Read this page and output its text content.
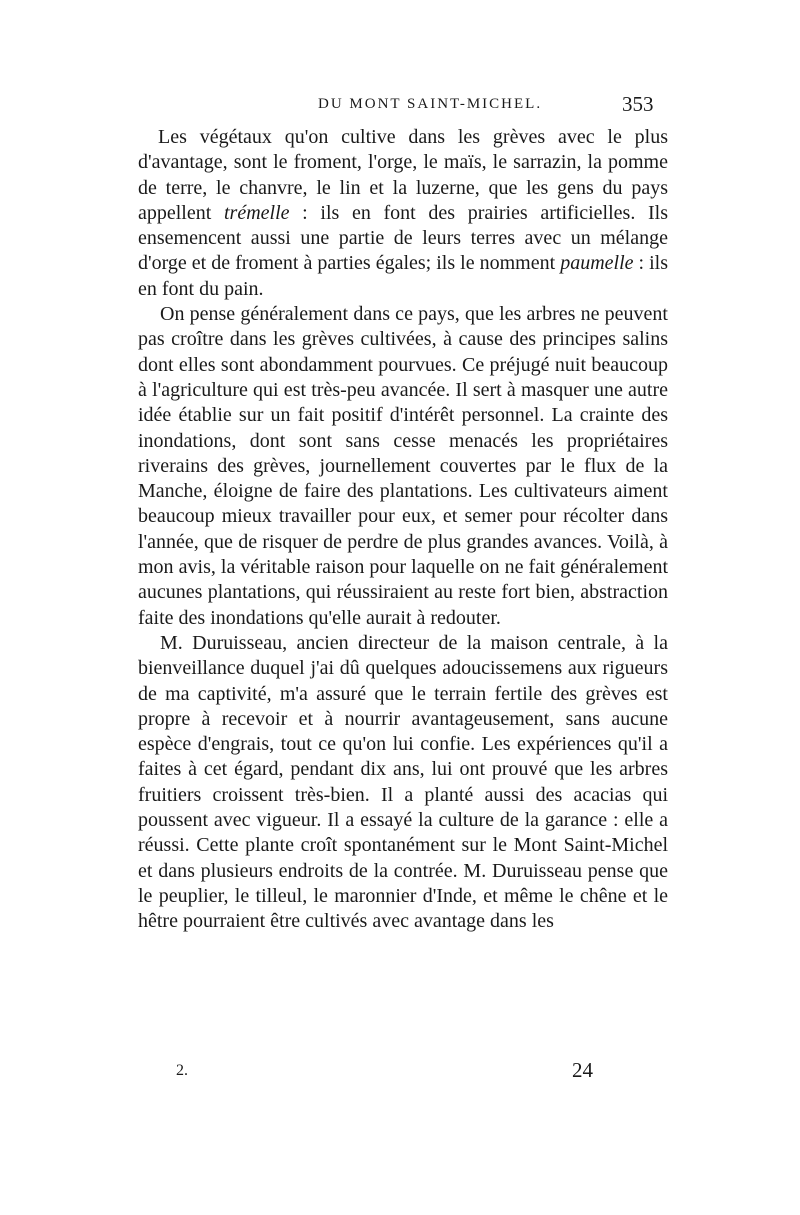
DU MONT SAINT-MICHEL.	353

Les végétaux qu'on cultive dans les grèves avec le plus d'avantage, sont le froment, l'orge, le maïs, le sarrazin, la pomme de terre, le chanvre, le lin et la luzerne, que les gens du pays appellent trémelle : ils en font des prairies artificielles. Ils ensemencent aussi une partie de leurs terres avec un mélange d'orge et de froment à parties égales; ils le nomment paumelle : ils en font du pain.

On pense généralement dans ce pays, que les arbres ne peuvent pas croître dans les grèves cultivées, à cause des principes salins dont elles sont abondamment pourvues. Ce préjugé nuit beaucoup à l'agriculture qui est très-peu avancée. Il sert à masquer une autre idée établie sur un fait positif d'intérêt personnel. La crainte des inondations, dont sont sans cesse menacés les propriétaires riverains des grèves, journellement couvertes par le flux de la Manche, éloigne de faire des plantations. Les cultivateurs aiment beaucoup mieux travailler pour eux, et semer pour récolter dans l'année, que de risquer de perdre de plus grandes avances. Voilà, à mon avis, la véritable raison pour laquelle on ne fait généralement aucunes plantations, qui réussiraient au reste fort bien, abstraction faite des inondations qu'elle aurait à redouter.

M. Duruisseau, ancien directeur de la maison centrale, à la bienveillance duquel j'ai dû quelques adoucissemens aux rigueurs de ma captivité, m'a assuré que le terrain fertile des grèves est propre à recevoir et à nourrir avantageusement, sans aucune espèce d'engrais, tout ce qu'on lui confie. Les expériences qu'il a faites à cet égard, pendant dix ans, lui ont prouvé que les arbres fruitiers croissent très-bien. Il a planté aussi des acacias qui poussent avec vigueur. Il a essayé la culture de la garance : elle a réussi. Cette plante croît spontanément sur le Mont Saint-Michel et dans plusieurs endroits de la contrée. M. Duruisseau pense que le peuplier, le tilleul, le maronnier d'Inde, et même le chêne et le hêtre pourraient être cultivés avec avantage dans les

2.	24
